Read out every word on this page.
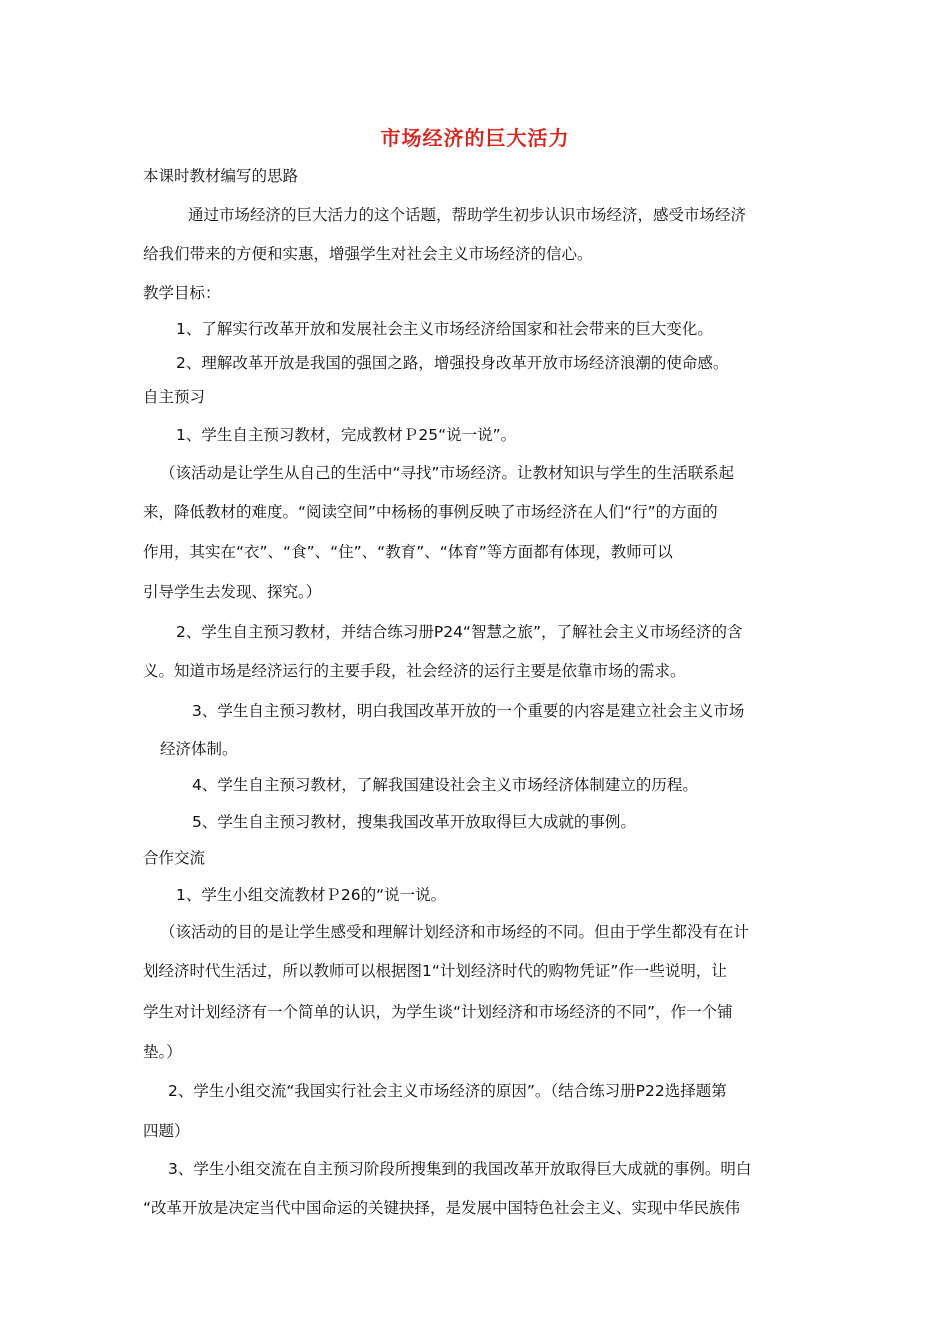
市场经济的巨大活力
本课时教材编写的思路
通过市场经济的巨大活力的这个话题，帮助学生初步认识市场经济，感受市场经济
给我们带来的方便和实惠，增强学生对社会主义市场经济的信心。
教学目标：
1、了解实行改革开放和发展社会主义市场经济给国家和社会带来的巨大变化。
2、理解改革开放是我国的强国之路，增强投身改革开放市场经济浪潮的使命感。
自主预习
1、学生自主预习教材，完成教材Ｐ25“说一说”。
（该活动是让学生从自己的生活中“寻找”市场经济。让教材知识与学生的生活联系起
来，降低教材的难度。“阅读空间”中杨杨的事例反映了市场经济在人们“行”的方面的
作用，其实在“衣”、“食”、“住”、“教育”、“体育”等方面都有体现，教师可以
引导学生去发现、探究。）
2、学生自主预习教材，并结合练习册P24“智慧之旅”，了解社会主义市场经济的含
义。知道市场是经济运行的主要手段，社会经济的运行主要是依靠市场的需求。
3、学生自主预习教材，明白我国改革开放的一个重要的内容是建立社会主义市场
经济体制。
4、学生自主预习教材，了解我国建设社会主义市场经济体制建立的历程。
5、学生自主预习教材，搜集我国改革开放取得巨大成就的事例。
合作交流
1、学生小组交流教材Ｐ26的“说一说。
（该活动的目的是让学生感受和理解计划经济和市场经的不同。但由于学生都没有在计
划经济时代生活过，所以教师可以根据图1“计划经济时代的购物凭证”作一些说明，让
学生对计划经济有一个简单的认识，为学生谈“计划经济和市场经济的不同”，作一个铺
垫。）
2、学生小组交流“我国实行社会主义市场经济的原因”。（结合练习册P22选择题第
四题）
3、学生小组交流在自主预习阶段所搜集到的我国改革开放取得巨大成就的事例。明白
“改革开放是决定当代中国命运的关键抉择，是发展中国特色社会主义、实现中华民族伟
